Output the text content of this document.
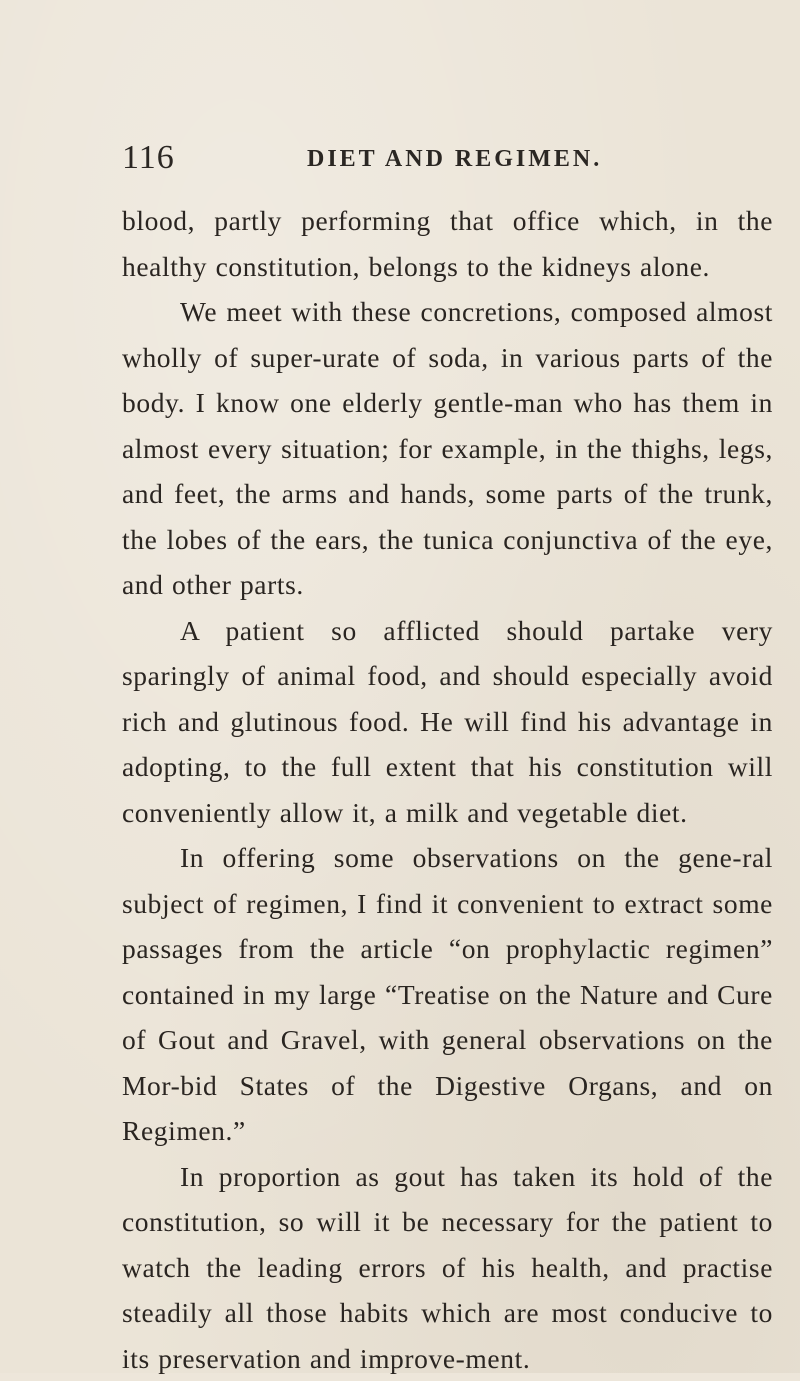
116	DIET AND REGIMEN.

blood, partly performing that office which, in the healthy constitution, belongs to the kidneys alone.

We meet with these concretions, composed almost wholly of super-urate of soda, in various parts of the body. I know one elderly gentle-man who has them in almost every situation; for example, in the thighs, legs, and feet, the arms and hands, some parts of the trunk, the lobes of the ears, the tunica conjunctiva of the eye, and other parts.

A patient so afflicted should partake very sparingly of animal food, and should especially avoid rich and glutinous food. He will find his advantage in adopting, to the full extent that his constitution will conveniently allow it, a milk and vegetable diet.

In offering some observations on the gene-ral subject of regimen, I find it convenient to extract some passages from the article “on prophylactic regimen” contained in my large “Treatise on the Nature and Cure of Gout and Gravel, with general observations on the Mor-bid States of the Digestive Organs, and on Regimen.”

In proportion as gout has taken its hold of the constitution, so will it be necessary for the patient to watch the leading errors of his health, and practise steadily all those habits which are most conducive to its preservation and improve-ment.
